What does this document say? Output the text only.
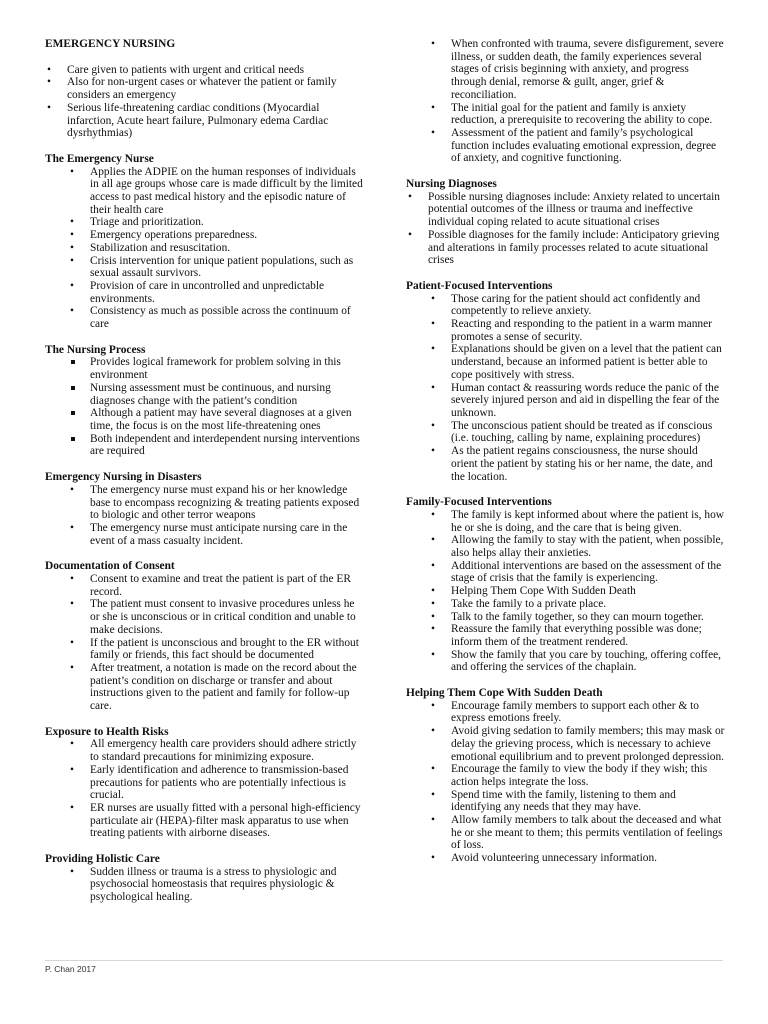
EMERGENCY NURSING
• Care given to patients with urgent and critical needs
• Also for non-urgent cases or whatever the patient or family considers an emergency
• Serious life-threatening cardiac conditions (Myocardial infarction, Acute heart failure, Pulmonary edema Cardiac dysrhythmias)
The Emergency Nurse
• Applies the ADPIE on the human responses of individuals in all age groups whose care is made difficult by the limited access to past medical history and the episodic nature of their health care
• Triage and prioritization.
• Emergency operations preparedness.
• Stabilization and resuscitation.
• Crisis intervention for unique patient populations, such as sexual assault survivors.
• Provision of care in uncontrolled and unpredictable environments.
• Consistency as much as possible across the continuum of care
The Nursing Process
Provides logical framework for problem solving in this environment
Nursing assessment must be continuous, and nursing diagnoses change with the patient’s condition
Although a patient may have several diagnoses at a given time, the focus is on the most life-threatening ones
Both independent and interdependent nursing interventions are required
Emergency Nursing in Disasters
• The emergency nurse must expand his or her knowledge base to encompass recognizing & treating patients exposed to biologic and other terror weapons
• The emergency nurse must anticipate nursing care in the event of a mass casualty incident.
Documentation of Consent
• Consent to examine and treat the patient is part of the ER record.
• The patient must consent to invasive procedures unless he or she is unconscious or in critical condition and unable to make decisions.
• If the patient is unconscious and brought to the ER without family or friends, this fact should be documented
• After treatment, a notation is made on the record about the patient’s condition on discharge or transfer and about instructions given to the patient and family for follow-up care.
Exposure to Health Risks
• All emergency health care providers should adhere strictly to standard precautions for minimizing exposure.
• Early identification and adherence to transmission-based precautions for patients who are potentially infectious is crucial.
• ER nurses are usually fitted with a personal high-efficiency particulate air (HEPA)-filter mask apparatus to use when treating patients with airborne diseases.
Providing Holistic Care
• Sudden illness or trauma is a stress to physiologic and psychosocial homeostasis that requires physiologic & psychological healing.
• When confronted with trauma, severe disfigurement, severe illness, or sudden death, the family experiences several stages of crisis beginning with anxiety, and progress through denial, remorse & guilt, anger, grief & reconciliation.
• The initial goal for the patient and family is anxiety reduction, a prerequisite to recovering the ability to cope.
• Assessment of the patient and family’s psychological function includes evaluating emotional expression, degree of anxiety, and cognitive functioning.
Nursing Diagnoses
• Possible nursing diagnoses include: Anxiety related to uncertain potential outcomes of the illness or trauma and ineffective individual coping related to acute situational crises
• Possible diagnoses for the family include: Anticipatory grieving and alterations in family processes related to acute situational crises
Patient-Focused Interventions
• Those caring for the patient should act confidently and competently to relieve anxiety.
• Reacting and responding to the patient in a warm manner promotes a sense of security.
• Explanations should be given on a level that the patient can understand, because an informed patient is better able to cope positively with stress.
• Human contact & reassuring words reduce the panic of the severely injured person and aid in dispelling the fear of the unknown.
• The unconscious patient should be treated as if conscious (i.e. touching, calling by name, explaining procedures)
• As the patient regains consciousness, the nurse should orient the patient by stating his or her name, the date, and the location.
Family-Focused Interventions
• The family is kept informed about where the patient is, how he or she is doing, and the care that is being given.
• Allowing the family to stay with the patient, when possible, also helps allay their anxieties.
• Additional interventions are based on the assessment of the stage of crisis that the family is experiencing.
• Helping Them Cope With Sudden Death
• Take the family to a private place.
• Talk to the family together, so they can mourn together.
• Reassure the family that everything possible was done; inform them of the treatment rendered.
• Show the family that you care by touching, offering coffee, and offering the services of the chaplain.
Helping Them Cope With Sudden Death
• Encourage family members to support each other & to express emotions freely.
• Avoid giving sedation to family members; this may mask or delay the grieving process, which is necessary to achieve emotional equilibrium and to prevent prolonged depression.
• Encourage the family to view the body if they wish; this action helps integrate the loss.
• Spend time with the family, listening to them and identifying any needs that they may have.
• Allow family members to talk about the deceased and what he or she meant to them; this permits ventilation of feelings of loss.
• Avoid volunteering unnecessary information.
P. Chan 2017
